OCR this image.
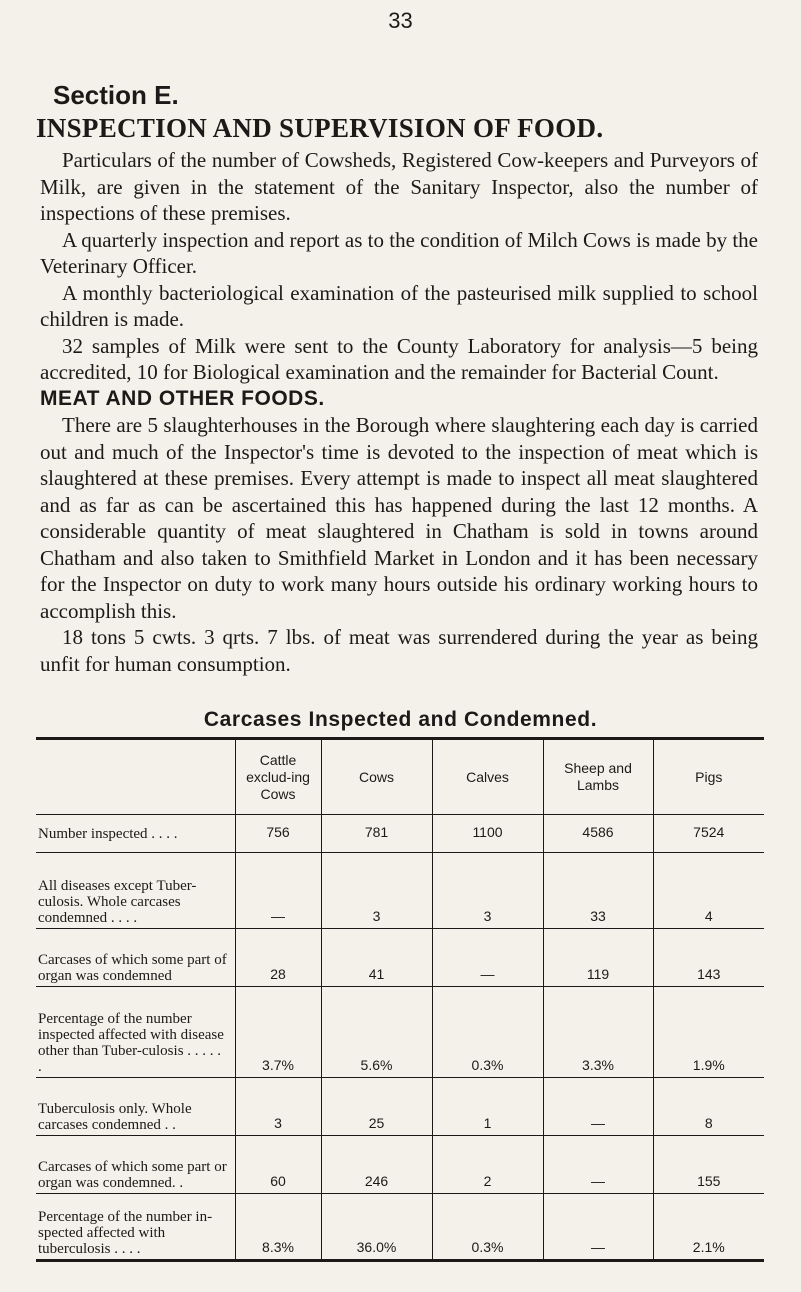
33
Section E.
INSPECTION AND SUPERVISION OF FOOD.

Particulars of the number of Cowsheds, Registered Cow-keepers and Purveyors of Milk, are given in the statement of the Sanitary Inspector, also the number of inspections of these premises.

A quarterly inspection and report as to the condition of Milch Cows is made by the Veterinary Officer.

A monthly bacteriological examination of the pasteurised milk supplied to school children is made.

32 samples of Milk were sent to the County Laboratory for analysis—5 being accredited, 10 for Biological examination and the remainder for Bacterial Count.

MEAT AND OTHER FOODS.

There are 5 slaughterhouses in the Borough where slaughtering each day is carried out and much of the Inspector's time is devoted to the inspection of meat which is slaughtered at these premises. Every attempt is made to inspect all meat slaughtered and as far as can be ascertained this has happened during the last 12 months. A considerable quantity of meat slaughtered in Chatham is sold in towns around Chatham and also taken to Smithfield Market in London and it has been necessary for the Inspector on duty to work many hours outside his ordinary working hours to accomplish this.

18 tons 5 cwts. 3 qrts. 7 lbs. of meat was surrendered during the year as being unfit for human consumption.

Carcases Inspected and Condemned.
	Cattle exclud-ing Cows	Cows	Calves	Sheep and Lambs	Pigs
Number inspected . . . .	756	781	1100	4586	7524
All diseases except Tuber-culosis. Whole carcases condemned . . . .	—	3	3	33	4
Carcases of which some part of organ was condemned	28	41	—	119	143
Percentage of the number inspected affected with disease other than Tuber-culosis . . . . . .	3.7%	5.6%	0.3%	3.3%	1.9%
Tuberculosis only. Whole carcases condemned . .	3	25	1	—	8
Carcases of which some part or organ was condemned. .	60	246	2	—	155
Percentage of the number in-spected affected with tuberculosis . . . .	8.3%	36.0%	0.3%	—	2.1%
